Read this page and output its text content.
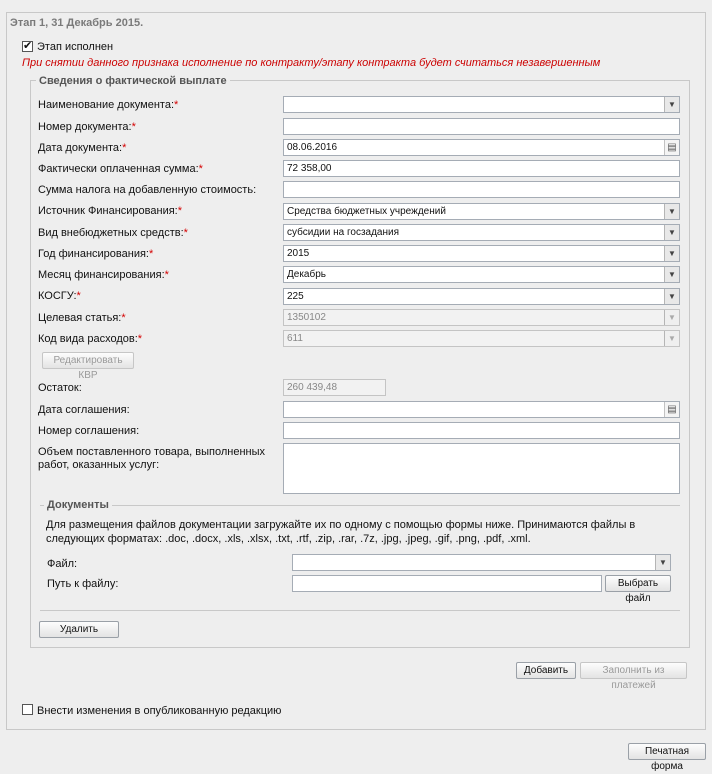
Этап 1, 31 Декабрь 2015.
✔
Этап исполнен
При снятии данного признака исполнение по контракту/этапу контракта будет считаться незавершенным
Сведения о фактической выплате
Наименование документа:*	▼
Номер документа:*
Дата документа:*	08.06.2016	▤
Фактически оплаченная сумма:*	72 358,00
Сумма налога на добавленную стоимость:
Источник Финансирования:*	Средства бюджетных учреждений	▼
Вид внебюджетных средств:*	субсидии на госзадания	▼
Год финансирования:*	2015	▼
Месяц финансирования:*	Декабрь	▼
КОСГУ:*	225	▼
Целевая статья:*	1350102	▼
Код вида расходов:*	611	▼
Редактировать КВР
Остаток:	260 439,48
Дата соглашения:	▤
Номер соглашения:
Объем поставленного товара, выполненных работ, оказанных услуг:
Документы
Для размещения файлов документации загружайте их по одному с помощью формы ниже. Принимаются файлы в следующих форматах: .doc, .docx, .xls, .xlsx, .txt, .rtf, .zip, .rar, .7z, .jpg, .jpeg, .gif, .png, .pdf, .xml.
Файл:	▼
Путь к файлу:	Выбрать файл
Удалить
Добавить	Заполнить из платежей
Внести изменения в опубликованную редакцию
Печатная форма
